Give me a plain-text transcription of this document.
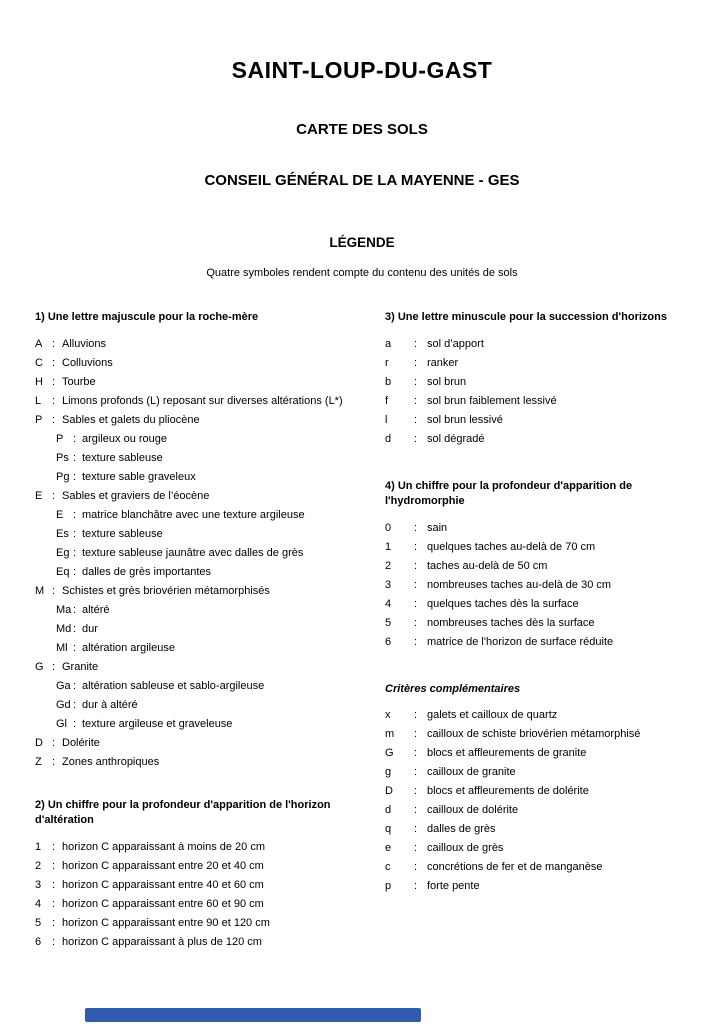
SAINT-LOUP-DU-GAST
CARTE DES SOLS
CONSEIL GÉNÉRAL DE LA MAYENNE - GES
LÉGENDE

Quatre symboles rendent compte du contenu des unités de sols

1) Une lettre majuscule pour la roche-mère
A : Alluvions
C : Colluvions
H : Tourbe
L : Limons profonds (L) reposant sur diverses altérations (L*)
P : Sables et galets du pliocène
P : argileux ou rouge
Ps : texture sableuse
Pg : texture sable graveleux
E : Sables et graviers de l’éocène
E : matrice blanchâtre avec une texture argileuse
Es : texture sableuse
Eg : texture sableuse jaunâtre avec dalles de grès
Eq : dalles de grès importantes
M : Schistes et grès briovérien métamorphisés
Ma : altéré
Md : dur
Ml : altération argileuse
G : Granite
Ga : altération sableuse et sablo-argileuse
Gd : dur à altéré
Gl : texture argileuse et graveleuse
D : Dolérite
Z : Zones anthropiques
2) Un chiffre pour la profondeur d'apparition de l'horizon d'altération
1 : horizon C apparaissant à moins de 20 cm
2 : horizon C apparaissant entre 20 et 40 cm
3 : horizon C apparaissant entre 40 et 60 cm
4 : horizon C apparaissant entre 60 et 90 cm
5 : horizon C apparaissant entre 90 et 120 cm
6 : horizon C apparaissant à plus de 120 cm
3) Une lettre minuscule pour la succession d'horizons
a	: sol d’apport
r	: ranker
b	: sol brun
f	: sol brun faiblement lessivé
l	: sol brun lessivé
d	: sol dégradé
4) Un chiffre pour la profondeur d'apparition de l'hydromorphie
0	: sain
1	: quelques taches au-delà de 70 cm
2	: taches au-delà de 50 cm
3	: nombreuses taches au-delà de 30 cm
4	: quelques taches dès la surface
5	: nombreuses taches dès la surface
6	: matrice de l'horizon de surface réduite
Critères complémentaires
x	: galets et cailloux de quartz
m	: cailloux de schiste briovérien métamorphisé
G	: blocs et affleurements de granite
g	: cailloux de granite
D	: blocs et affleurements de dolérite
d	: cailloux de dolérite
q	: dalles de grès
e	: cailloux de grès
c	: concrétions de fer et de manganèse
p	: forte pente
